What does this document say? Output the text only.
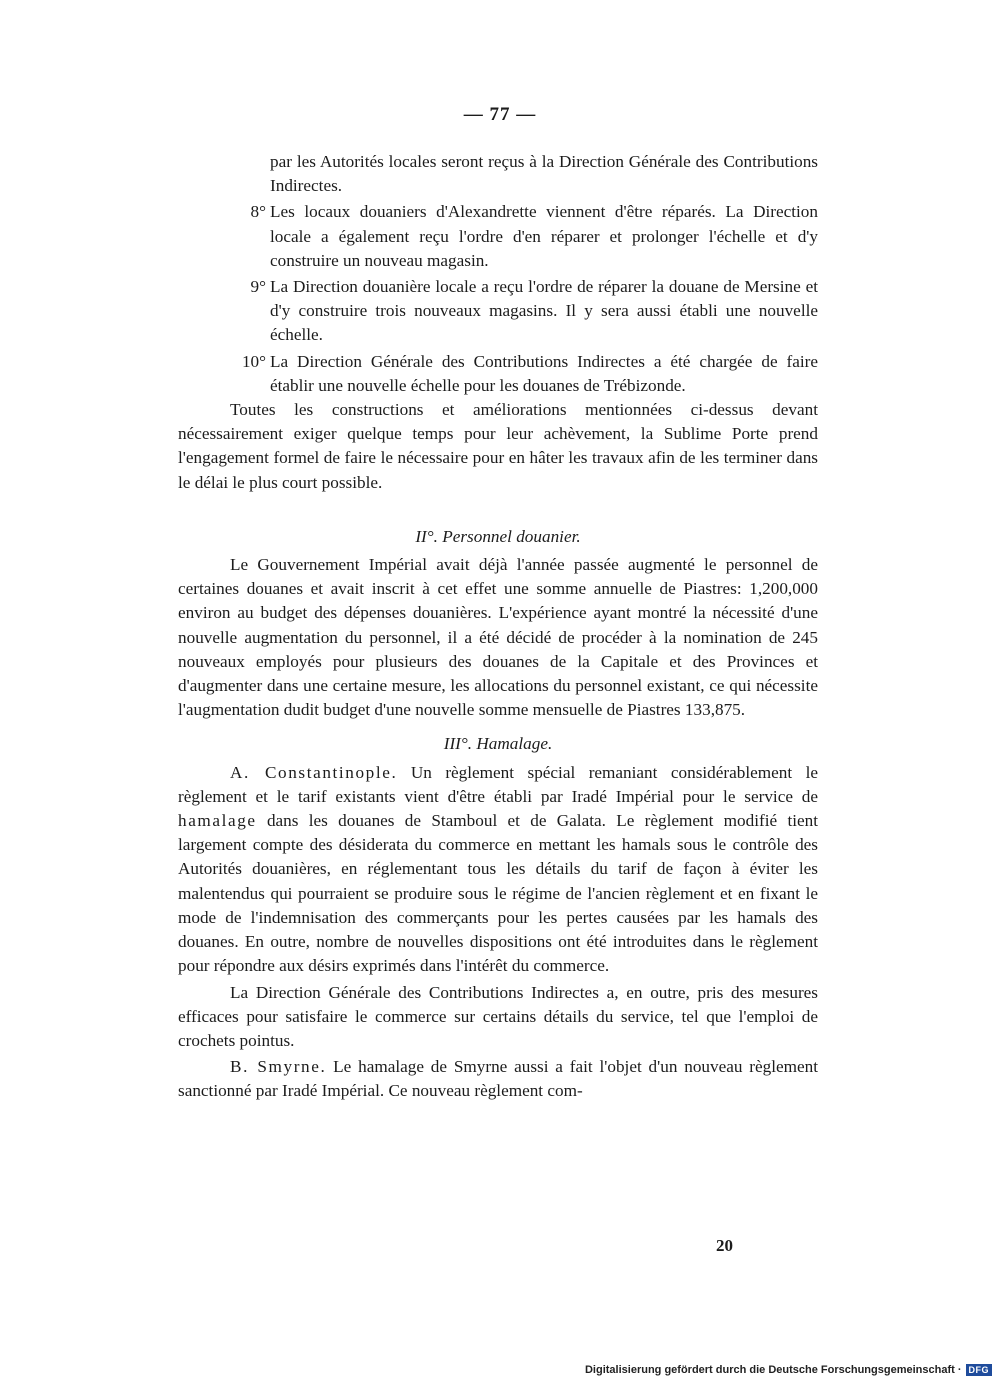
— 77 —

par les Autorités locales seront reçus à la Direction Générale des Contributions Indirectes.

8° Les locaux douaniers d'Alexandrette viennent d'être réparés. La Direction locale a également reçu l'ordre d'en réparer et prolonger l'échelle et d'y construire un nouveau magasin.

9° La Direction douanière locale a reçu l'ordre de réparer la douane de Mersine et d'y construire trois nouveaux magasins. Il y sera aussi établi une nouvelle échelle.

10° La Direction Générale des Contributions Indirectes a été chargée de faire établir une nouvelle échelle pour les douanes de Trébizonde.

Toutes les constructions et améliorations mentionnées ci-dessus devant nécessairement exiger quelque temps pour leur achèvement, la Sublime Porte prend l'engagement formel de faire le nécessaire pour en hâter les travaux afin de les terminer dans le délai le plus court possible.

II°. Personnel douanier.

Le Gouvernement Impérial avait déjà l'année passée augmenté le personnel de certaines douanes et avait inscrit à cet effet une somme annuelle de Piastres: 1,200,000 environ au budget des dépenses douanières. L'expérience ayant montré la nécessité d'une nouvelle augmentation du personnel, il a été décidé de procéder à la nomination de 245 nouveaux employés pour plusieurs des douanes de la Capitale et des Provinces et d'augmenter dans une certaine mesure, les allocations du personnel existant, ce qui nécessite l'augmentation dudit budget d'une nouvelle somme mensuelle de Piastres 133,875.

III°. Hamalage.

A. Constantinople. Un règlement spécial remaniant considérablement le règlement et le tarif existants vient d'être établi par Iradé Impérial pour le service de hamalage dans les douanes de Stamboul et de Galata. Le règlement modifié tient largement compte des désiderata du commerce en mettant les hamals sous le contrôle des Autorités douanières, en réglementant tous les détails du tarif de façon à éviter les malentendus qui pourraient se produire sous le régime de l'ancien règlement et en fixant le mode de l'indemnisation des commerçants pour les pertes causées par les hamals des douanes. En outre, nombre de nouvelles dispositions ont été introduites dans le règlement pour répondre aux désirs exprimés dans l'intérêt du commerce.

La Direction Générale des Contributions Indirectes a, en outre, pris des mesures efficaces pour satisfaire le commerce sur certains détails du service, tel que l'emploi de crochets pointus.

B. Smyrne. Le hamalage de Smyrne aussi a fait l'objet d'un nouveau règlement sanctionné par Iradé Impérial. Ce nouveau règlement com-

20
Digitalisierung gefördert durch die Deutsche Forschungsgemeinschaft · DFG
